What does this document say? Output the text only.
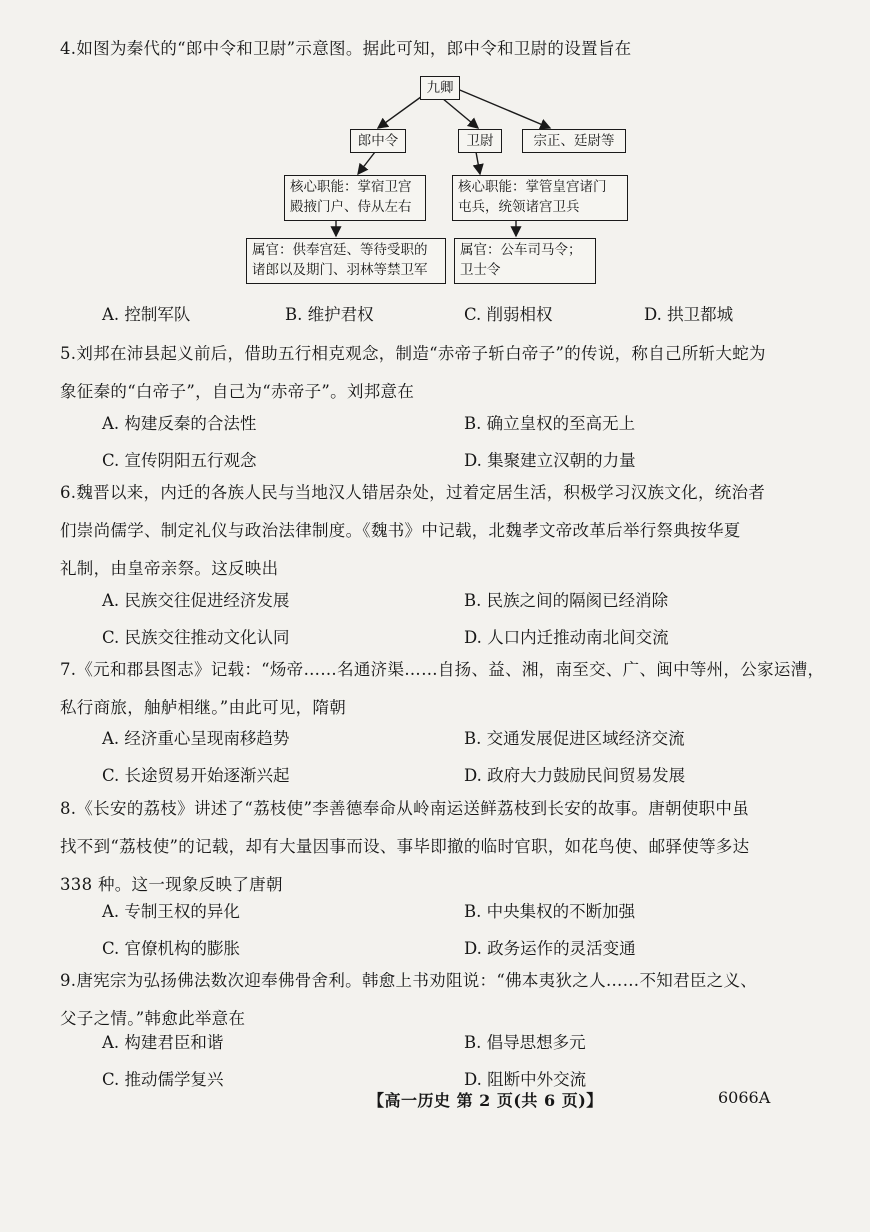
4.如图为秦代的“郎中令和卫尉”示意图。据此可知，郎中令和卫尉的设置旨在
九卿
郎中令	卫尉	宗正、廷尉等
核心职能：掌宿卫宫
殿掖门户、侍从左右
核心职能：掌管皇宫诸门
屯兵，统领诸宫卫兵
属官：供奉宫廷、等待受职的
诸郎以及期门、羽林等禁卫军
属官：公车司马令；
卫士令
A. 控制军队	B. 维护君权	C. 削弱相权	D. 拱卫都城
5.刘邦在沛县起义前后，借助五行相克观念，制造“赤帝子斩白帝子”的传说，称自己所斩大蛇为
象征秦的“白帝子”，自己为“赤帝子”。刘邦意在
A. 构建反秦的合法性	B. 确立皇权的至高无上
C. 宣传阴阳五行观念	D. 集聚建立汉朝的力量
6.魏晋以来，内迁的各族人民与当地汉人错居杂处，过着定居生活，积极学习汉族文化，统治者
们崇尚儒学、制定礼仪与政治法律制度。《魏书》中记载，北魏孝文帝改革后举行祭典按华夏
礼制，由皇帝亲祭。这反映出
A. 民族交往促进经济发展	B. 民族之间的隔阂已经消除
C. 民族交往推动文化认同	D. 人口内迁推动南北间交流
7.《元和郡县图志》记载：“炀帝……名通济渠……自扬、益、湘，南至交、广、闽中等州，公家运漕，
私行商旅，舳舻相继。”由此可见，隋朝
A. 经济重心呈现南移趋势	B. 交通发展促进区域经济交流
C. 长途贸易开始逐渐兴起	D. 政府大力鼓励民间贸易发展
8.《长安的荔枝》讲述了“荔枝使”李善德奉命从岭南运送鲜荔枝到长安的故事。唐朝使职中虽
找不到“荔枝使”的记载，却有大量因事而设、事毕即撤的临时官职，如花鸟使、邮驿使等多达
338 种。这一现象反映了唐朝
A. 专制王权的异化	B. 中央集权的不断加强
C. 官僚机构的膨胀	D. 政务运作的灵活变通
9.唐宪宗为弘扬佛法数次迎奉佛骨舍利。韩愈上书劝阻说：“佛本夷狄之人……不知君臣之义、
父子之情。”韩愈此举意在
A. 构建君臣和谐	B. 倡导思想多元
C. 推动儒学复兴	D. 阻断中外交流
【高一历史 第 2 页(共 6 页)】	6066A
